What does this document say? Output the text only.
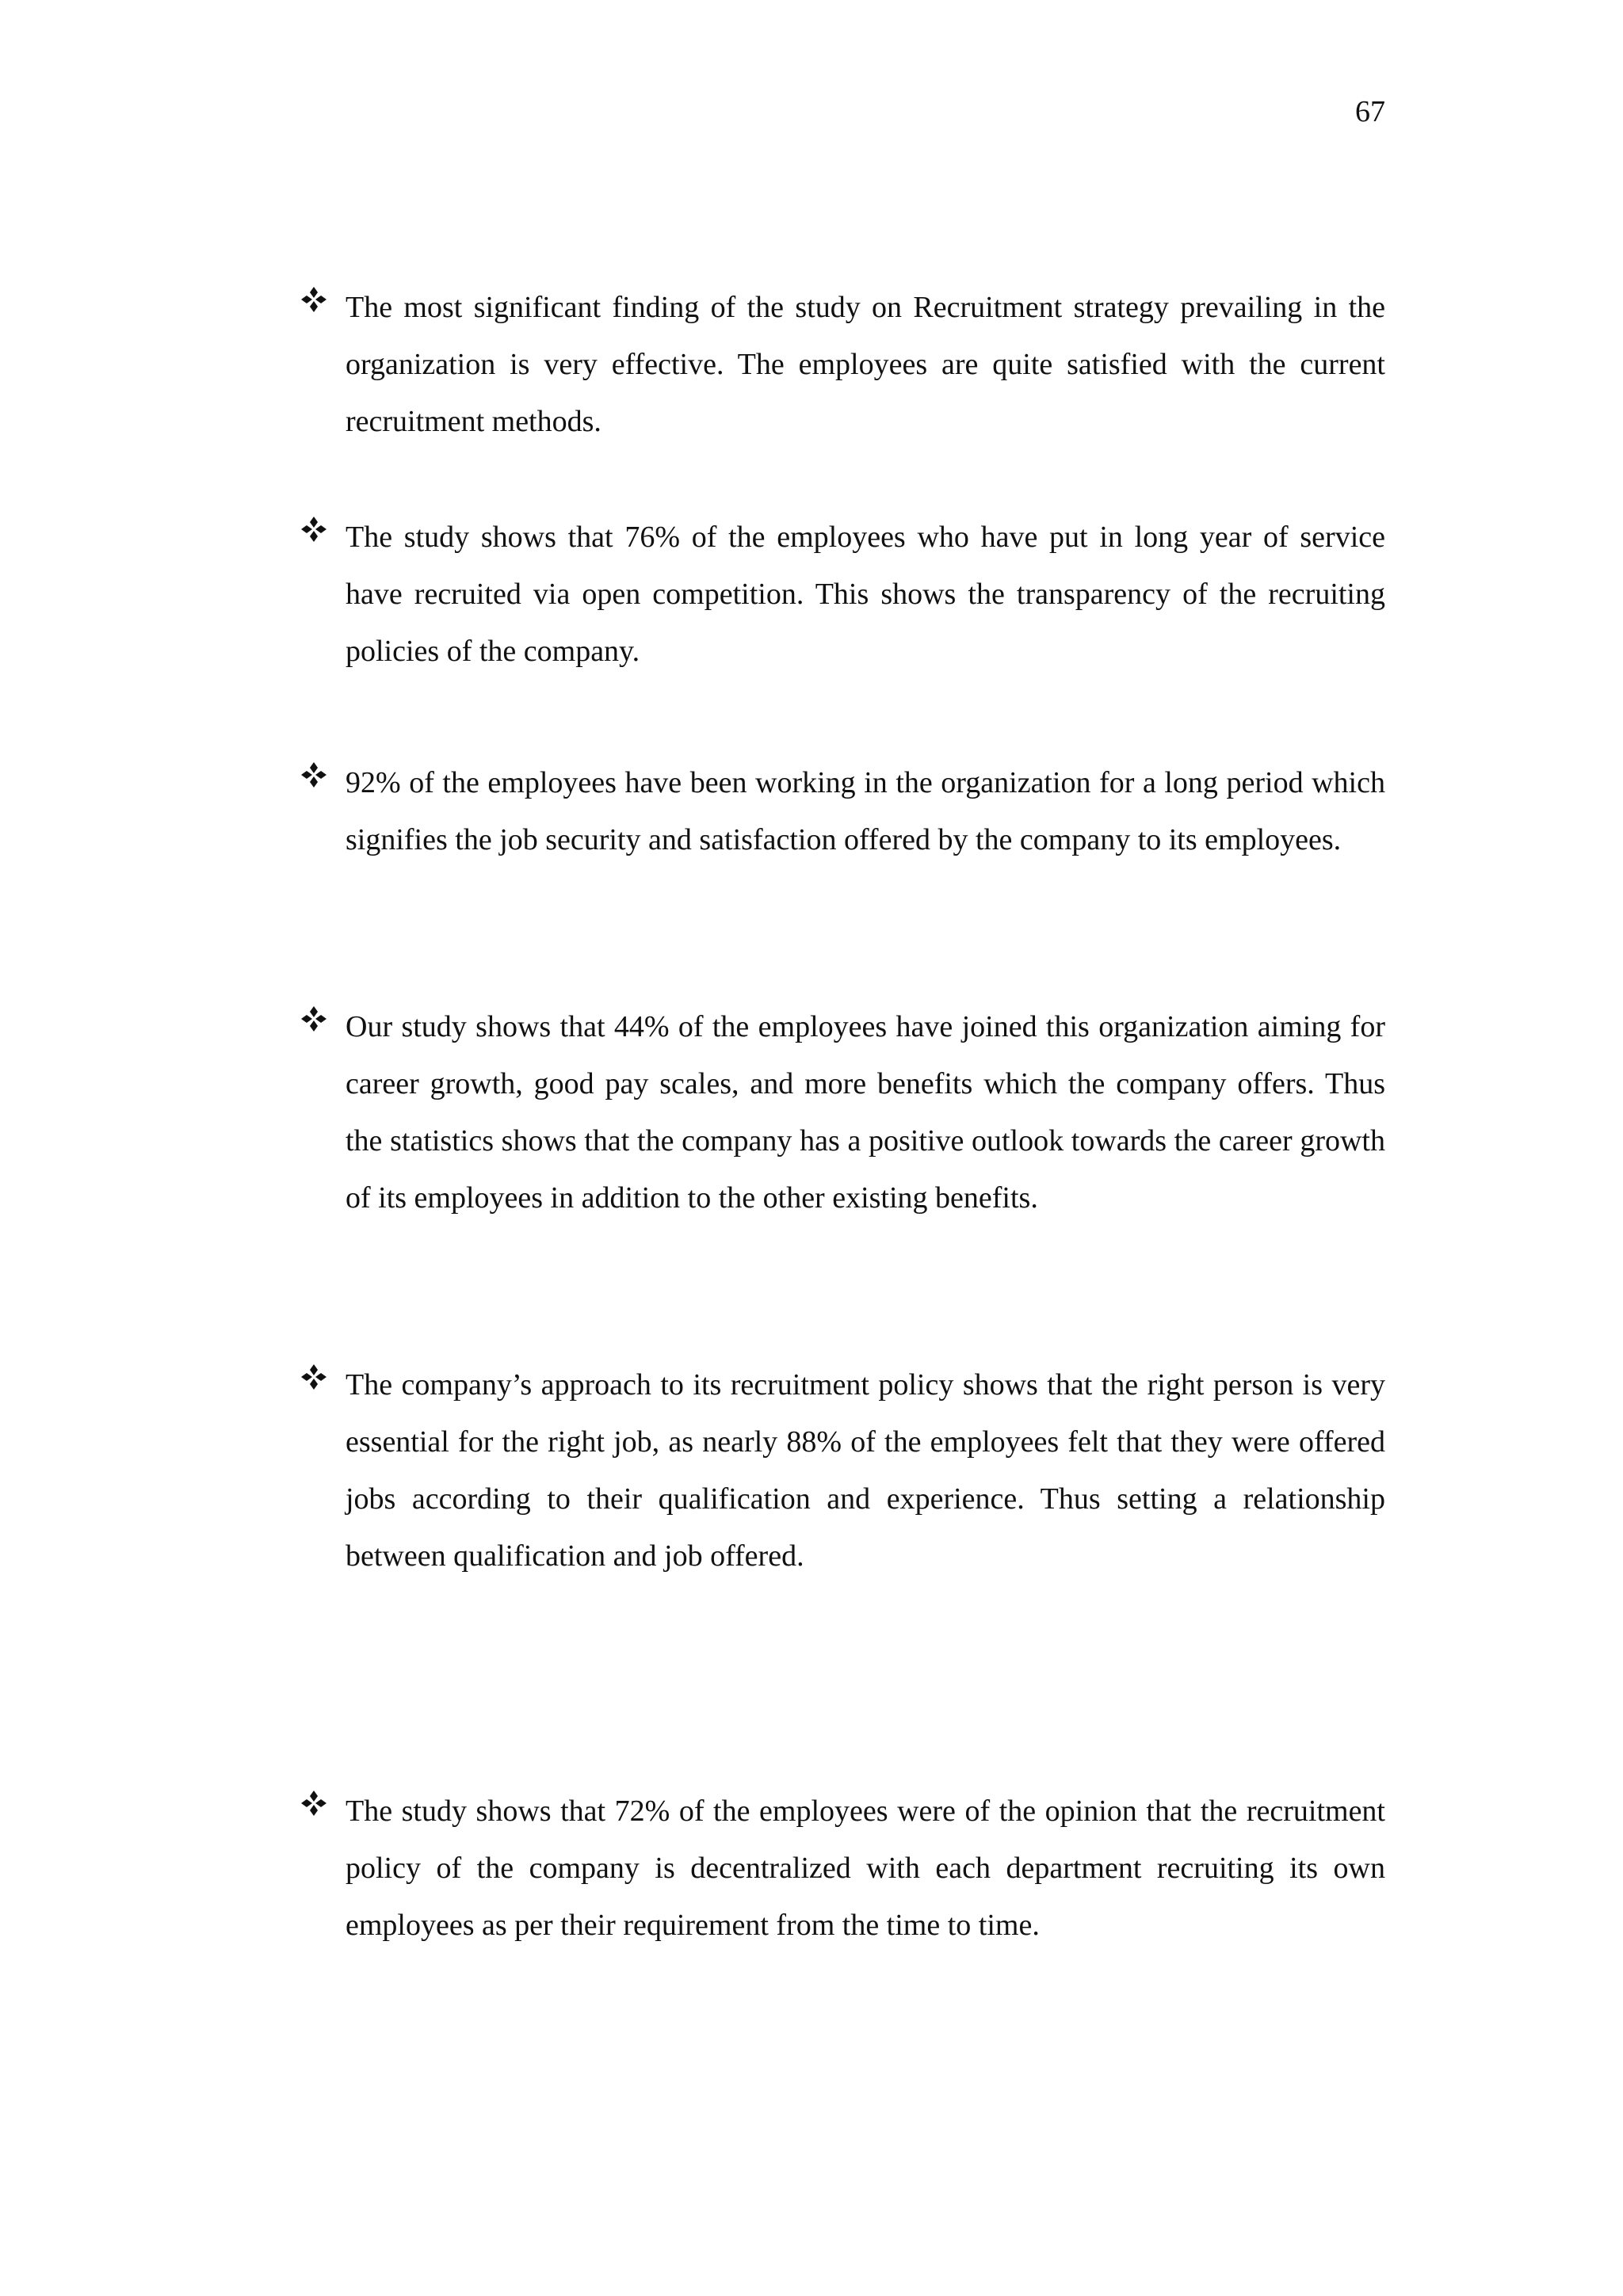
67
The most significant finding of the study on Recruitment strategy prevailing in the organization is very effective. The employees are quite satisfied with the current recruitment methods.
The study shows that 76% of the employees who have put in long year of service have recruited via open competition. This shows the transparency of the recruiting policies of the company.
92% of the employees have been working in the organization for a long period which signifies the job security and satisfaction offered by the company to its employees.
Our study shows that 44% of the employees have joined this organization aiming for career growth, good pay scales, and more benefits which the company offers. Thus the statistics shows that the company has a positive outlook towards the career growth of its employees in addition to the other existing benefits.
The company’s approach to its recruitment policy shows that the right person is very essential for the right job, as nearly 88% of the employees felt that they were offered jobs according to their qualification and experience. Thus setting a relationship between qualification and job offered.
The study shows that 72% of the employees were of the opinion that the recruitment policy of the company is decentralized with each department recruiting its own employees as per their requirement from the time to time.
